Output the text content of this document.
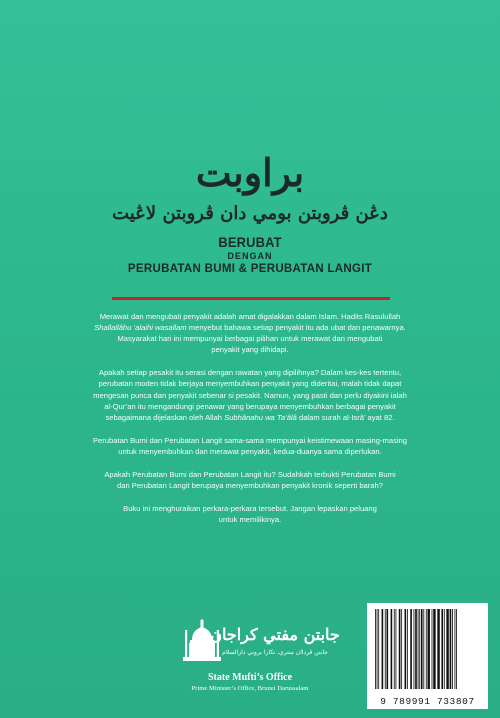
براوبت
دڠن ڤروبتن بومي دان ڤروبتن لاڠيت
BERUBAT
DENGAN
PERUBATAN BUMI & PERUBATAN LANGIT

Merawat dan mengubati penyakit adalah amat digalakkan dalam Islam. Hadits Rasulullah
Shallallâhu ‘alaihi wasallam menyebut bahawa setiap penyakit itu ada ubat dan penawarnya.
Masyarakat hari ini mempunyai berbagai pilihan untuk merawat dan mengubati
penyakit yang dihidapi.

Apakah setiap pesakit itu serasi dengan rawatan yang dipilihnya? Dalam kes-kes tertentu,
perubatan moden tidak berjaya menyembuhkan penyakit yang dideritai, malah tidak dapat
mengesan punca dan penyakit sebenar si pesakit. Namun, yang pasti dan perlu diyakini ialah
al-Qur’an itu mengandungi penawar yang berupaya menyembuhkan berbagai penyakit
sebagaimana dijelaskan oleh Allah Subhânahu wa Ta‘âlâ dalam surah al-Isrâ’ ayat 82.

Perubatan Bumi dan Perubatan Langit sama-sama mempunyai keistimewaan masing-masing
untuk menyembuhkan dan merawat penyakit, kedua-duanya sama diperlukan.

Apakah Perubatan Bumi dan Perubatan Langit itu? Sudahkah terbukti Perubatan Bumi
dan Perubatan Langit berupaya menyembuhkan penyakit kronik seperti barah?

Buku ini menghuraikan perkara-perkara tersebut. Jangan lepaskan peluang
untuk memilikinya.

جابتن مفتي كراجان
جابتن ڤرداان منتري، نڬارا بروني دارالسلام
State Mufti’s Office
Prime Minister’s Office, Brunei Darussalam
9 789991 733807
